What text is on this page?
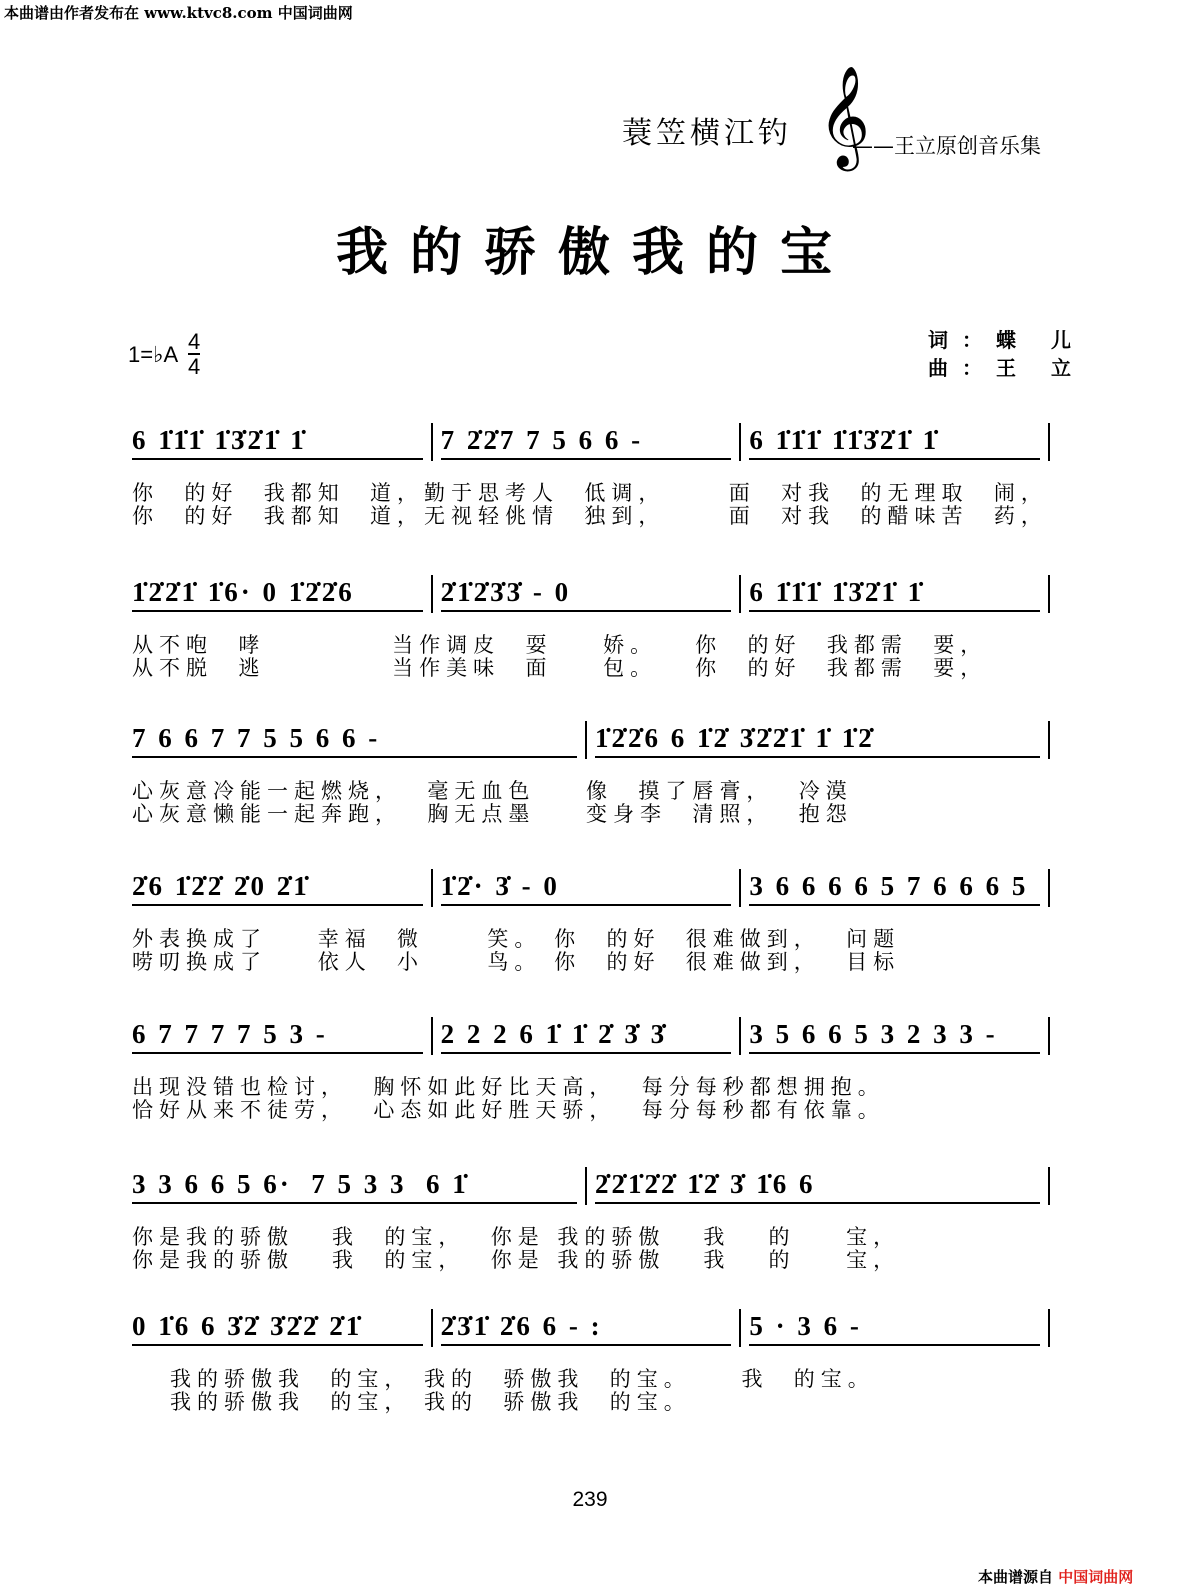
本曲谱由作者发布在 www.ktvc8.com 中国词曲网
蓑笠横江钓 𝄞
——王立原创音乐集
我的骄傲我的宝
1=♭A
4
4
词：蝶 儿
曲：王 立
6 1̇1̇1̇ 1̇3̇2̇1̇ 1̇	7 2̇2̇7 7 5 6 6 -	6 1̇1̇1̇ 1̇1̇3̇2̇1̇ 1̇
你  的好  我都知  道，勤于思考人  低调，     面  对我  的无理取  闹，
你  的好  我都知  道，无视轻佻情  独到，     面  对我  的醋味苦  药，
1̇2̇2̇1̇ 1̇6· 0 1̇2̇2̇6	2̇1̇2̇3̇3̇ - 0	6 1̇1̇1̇ 1̇3̇2̇1̇ 1̇
从不咆  哮          当作调皮  耍    娇。   你  的好  我都需  要，
从不脱  逃          当作美味  面    包。   你  的好  我都需  要，
7 6 6 7 7 5 5 6 6 -	1̇2̇2̇6 6 1̇2̇ 3̇2̇2̇1̇ 1̇ 1̇2̇
心灰意冷能一起燃烧，  毫无血色    像  摸了唇膏，  冷漠
心灰意懒能一起奔跑，  胸无点墨    变身李  清照，  抱怨
2̇6 1̇2̇2̇ 2̇0 2̇1̇	1̇2̇· 3̇ - 0	3 6 6 6 6 5 7 6 6 6 5
外表换成了    幸福  微     笑。 你  的好  很难做到，  问题
唠叨换成了    依人  小     鸟。 你  的好  很难做到，  目标
6 7 7 7 7 5 3 -	2 2 2 6 1̇ 1̇ 2̇ 3̇ 3̇	3 5 6 6 5 3 2 3 3 -
出现没错也检讨，  胸怀如此好比天高，  每分每秒都想拥抱。
恰好从来不徒劳，  心态如此好胜天骄，  每分每秒都有依靠。
3 3 6 6 5 6·  7 5 3 3  6 1̇	2̇2̇1̇2̇2̇ 1̇2̇ 3̇ 1̇6 6
你是我的骄傲   我  的宝，  你是 我的骄傲   我   的    宝，
你是我的骄傲   我  的宝，  你是 我的骄傲   我   的    宝，
0 1̇6 6 3̇2̇ 3̇2̇2̇ 2̇1̇	2̇3̇1̇ 2̇6 6 - :	5 · 3 6 -
我的骄傲我  的宝， 我的  骄傲我  的宝。    我  的宝。
我的骄傲我  的宝， 我的  骄傲我  的宝。
239
本曲谱源自 中国词曲网
